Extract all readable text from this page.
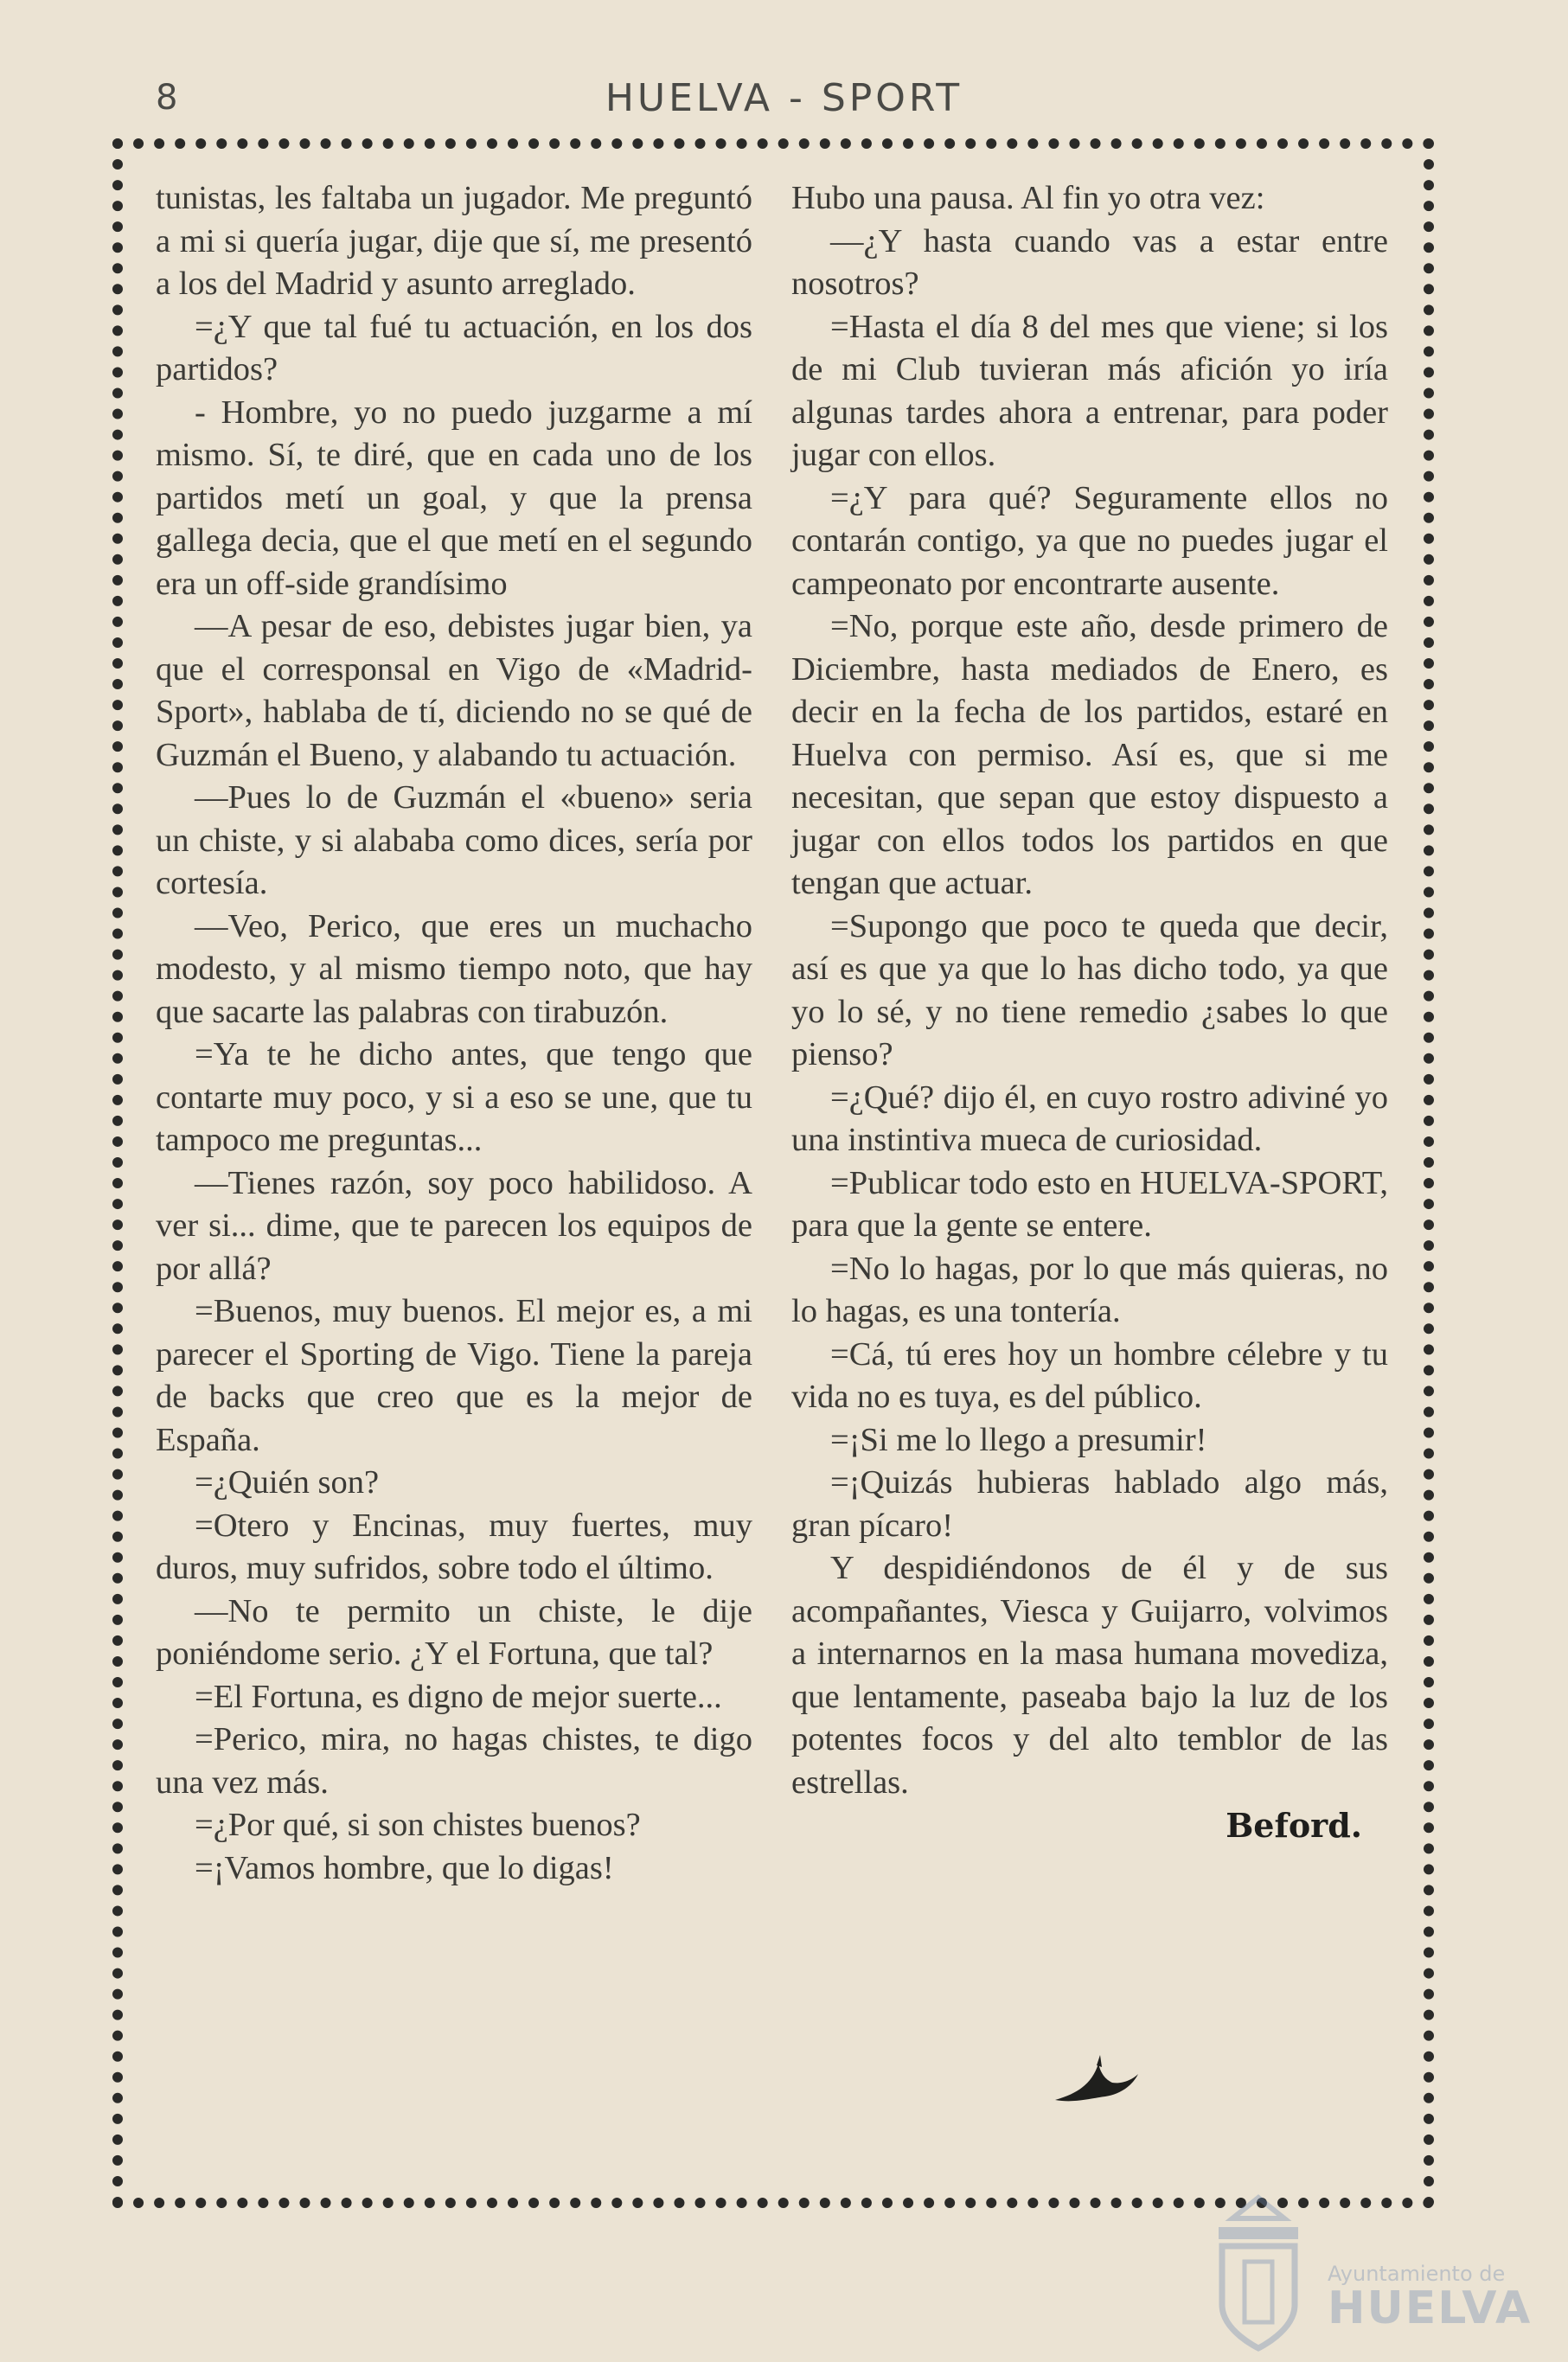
8	HUELVA - SPORT

tunistas, les faltaba un jugador. Me preguntó a mi si quería jugar, dije que sí, me presentó a los del Madrid y asunto arreglado.

=¿Y que tal fué tu actuación, en los dos partidos?

- Hombre, yo no puedo juzgarme a mí mismo. Sí, te diré, que en cada uno de los partidos metí un goal, y que la prensa gallega decia, que el que metí en el segundo era un off-side grandísimo

—A pesar de eso, debistes jugar bien, ya que el corresponsal en Vigo de «Madrid-Sport», hablaba de tí, diciendo no se qué de Guzmán el Bueno, y alabando tu actuación.

—Pues lo de Guzmán el «bueno» seria un chiste, y si alababa como dices, sería por cortesía.

—Veo, Perico, que eres un muchacho modesto, y al mismo tiempo noto, que hay que sacarte las palabras con tirabuzón.

=Ya te he dicho antes, que tengo que contarte muy poco, y si a eso se une, que tu tampoco me preguntas...

—Tienes razón, soy poco habilidoso. A ver si... dime, que te parecen los equipos de por allá?

=Buenos, muy buenos. El mejor es, a mi parecer el Sporting de Vigo. Tiene la pareja de backs que creo que es la mejor de España.

=¿Quién son?

=Otero y Encinas, muy fuertes, muy duros, muy sufridos, sobre todo el último.

—No te permito un chiste, le dije poniéndome serio. ¿Y el Fortuna, que tal?

=El Fortuna, es digno de mejor suerte...

=Perico, mira, no hagas chistes, te digo una vez más.

=¿Por qué, si son chistes buenos?

=¡Vamos hombre, que lo digas!

Hubo una pausa. Al fin yo otra vez:

—¿Y hasta cuando vas a estar entre nosotros?

=Hasta el día 8 del mes que viene; si los de mi Club tuvieran más afición yo iría algunas tardes ahora a entrenar, para poder jugar con ellos.

=¿Y para qué? Seguramente ellos no contarán contigo, ya que no puedes jugar el campeonato por encontrarte ausente.

=No, porque este año, desde primero de Diciembre, hasta mediados de Enero, es decir en la fecha de los partidos, estaré en Huelva con permiso. Así es, que si me necesitan, que sepan que estoy dispuesto a jugar con ellos todos los partidos en que tengan que actuar.

=Supongo que poco te queda que decir, así es que ya que lo has dicho todo, ya que yo lo sé, y no tiene remedio ¿sabes lo que pienso?

=¿Qué? dijo él, en cuyo rostro adiviné yo una instintiva mueca de curiosidad.

=Publicar todo esto en HUELVA-SPORT, para que la gente se entere.

=No lo hagas, por lo que más quieras, no lo hagas, es una tontería.

=Cá, tú eres hoy un hombre célebre y tu vida no es tuya, es del público.

=¡Si me lo llego a presumir!

=¡Quizás hubieras hablado algo más, gran pícaro!

Y despidiéndonos de él y de sus acompañantes, Viesca y Guijarro, volvimos a internarnos en la masa humana movediza, que lentamente, paseaba bajo la luz de los potentes focos y del alto temblor de las estrellas.

Beford.
Ayuntamiento de
HUELVA
